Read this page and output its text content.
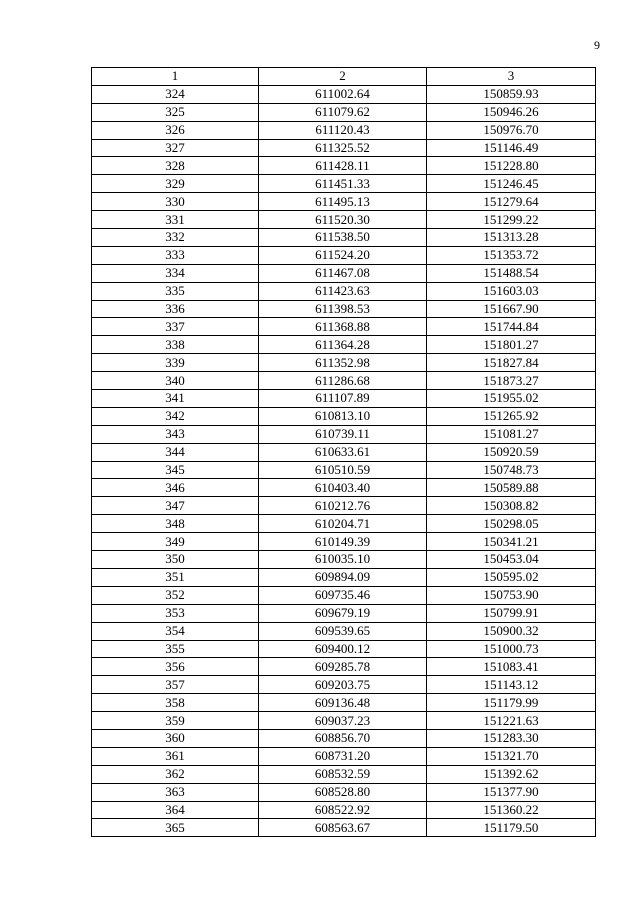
9
1	2	3
324	611002.64	150859.93
325	611079.62	150946.26
326	611120.43	150976.70
327	611325.52	151146.49
328	611428.11	151228.80
329	611451.33	151246.45
330	611495.13	151279.64
331	611520.30	151299.22
332	611538.50	151313.28
333	611524.20	151353.72
334	611467.08	151488.54
335	611423.63	151603.03
336	611398.53	151667.90
337	611368.88	151744.84
338	611364.28	151801.27
339	611352.98	151827.84
340	611286.68	151873.27
341	611107.89	151955.02
342	610813.10	151265.92
343	610739.11	151081.27
344	610633.61	150920.59
345	610510.59	150748.73
346	610403.40	150589.88
347	610212.76	150308.82
348	610204.71	150298.05
349	610149.39	150341.21
350	610035.10	150453.04
351	609894.09	150595.02
352	609735.46	150753.90
353	609679.19	150799.91
354	609539.65	150900.32
355	609400.12	151000.73
356	609285.78	151083.41
357	609203.75	151143.12
358	609136.48	151179.99
359	609037.23	151221.63
360	608856.70	151283.30
361	608731.20	151321.70
362	608532.59	151392.62
363	608528.80	151377.90
364	608522.92	151360.22
365	608563.67	151179.50
